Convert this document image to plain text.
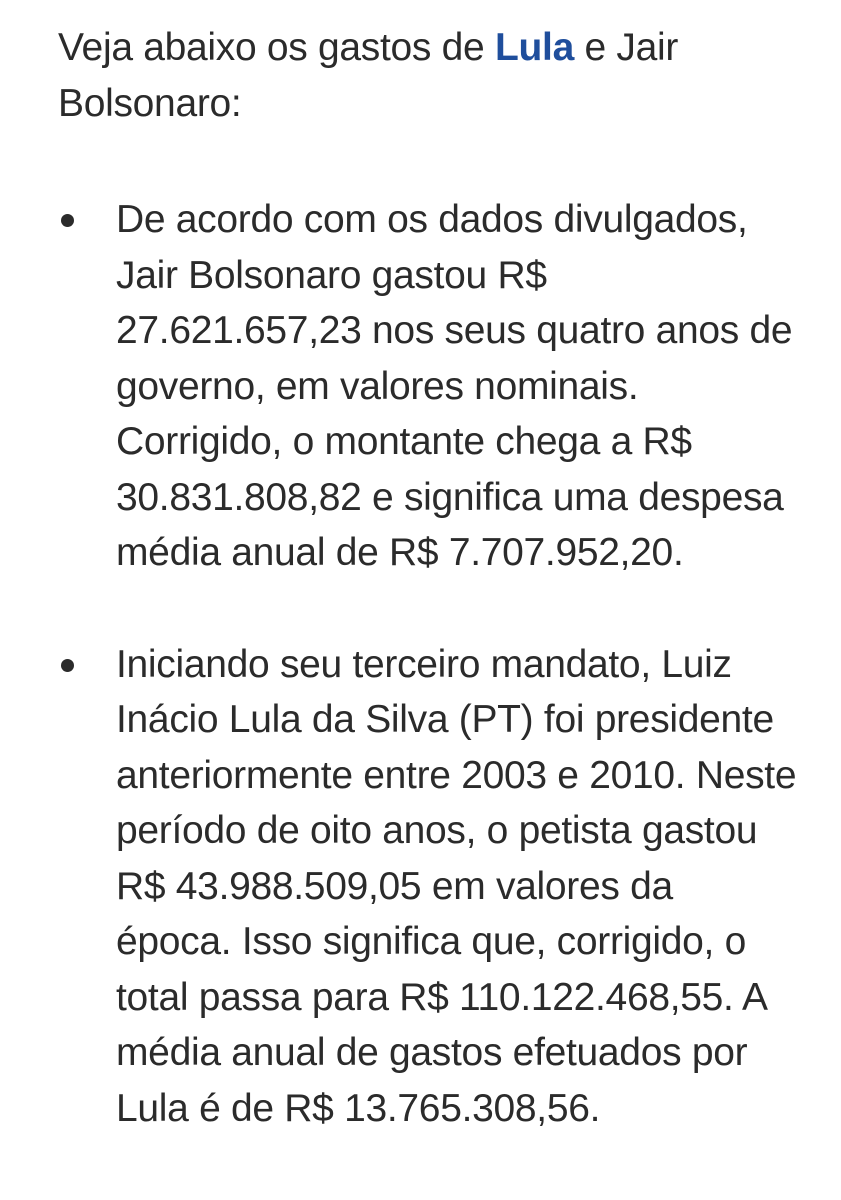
Veja abaixo os gastos de Lula e Jair Bolsonaro:

De acordo com os dados divulgados, Jair Bolsonaro gastou R$ 27.621.657,23 nos seus quatro anos de governo, em valores nominais. Corrigido, o montante chega a R$ 30.831.808,82 e significa uma despesa média anual de R$ 7.707.952,20.
Iniciando seu terceiro mandato, Luiz Inácio Lula da Silva (PT) foi presidente anteriormente entre 2003 e 2010. Neste período de oito anos, o petista gastou R$ 43.988.509,05 em valores da época. Isso significa que, corrigido, o total passa para R$ 110.122.468,55. A média anual de gastos efetuados por Lula é de R$ 13.765.308,56.
